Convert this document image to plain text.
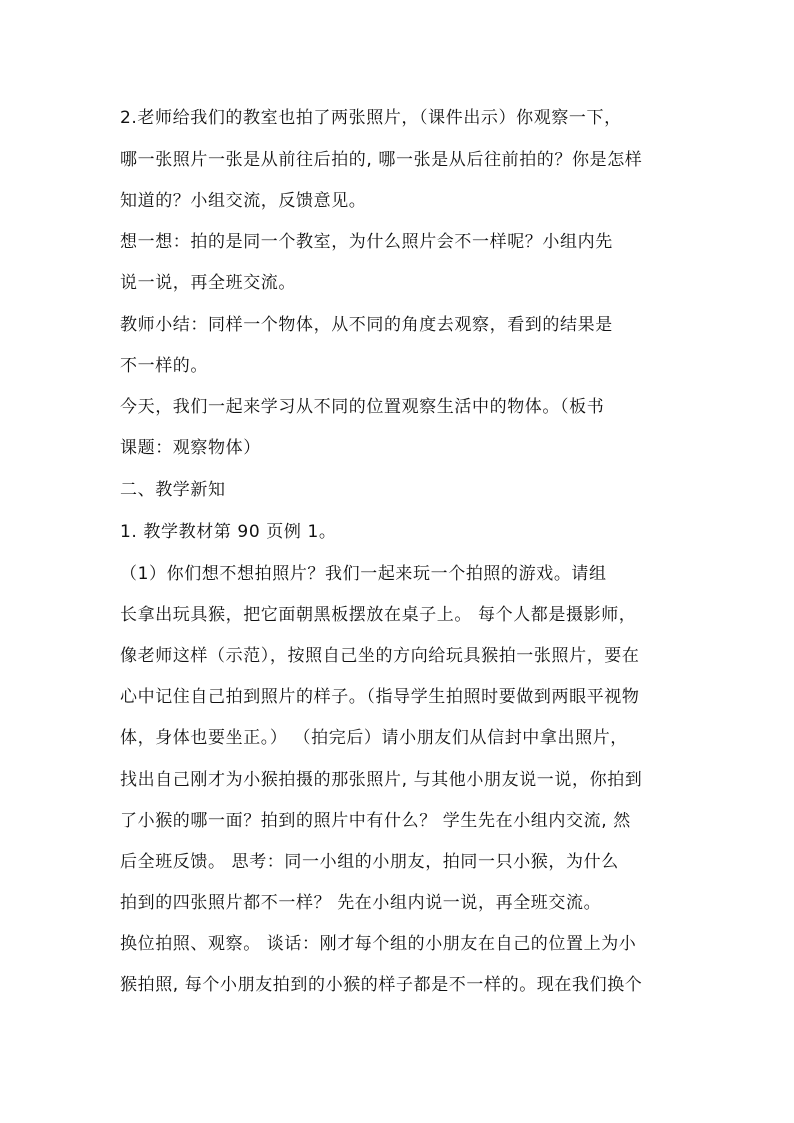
2.老师给我们的教室也拍了两张照片，（课件出示）你观察一下，
哪一张照片一张是从前往后拍的, 哪一张是从后往前拍的？你是怎样
知道的？小组交流，反馈意见。
想一想：拍的是同一个教室，为什么照片会不一样呢？小组内先
说一说，再全班交流。
教师小结：同样一个物体，从不同的角度去观察，看到的结果是
不一样的。
今天，我们一起来学习从不同的位置观察生活中的物体。（板书
课题：观察物体）
二、教学新知
1. 教学教材第 90 页例 1。
（1）你们想不想拍照片？我们一起来玩一个拍照的游戏。请组
长拿出玩具猴，把它面朝黑板摆放在桌子上。 每个人都是摄影师，
像老师这样（示范），按照自己坐的方向给玩具猴拍一张照片，要在
心中记住自己拍到照片的样子。（指导学生拍照时要做到两眼平视物
体，身体也要坐正。） （拍完后）请小朋友们从信封中拿出照片，
找出自己刚才为小猴拍摄的那张照片, 与其他小朋友说一说，你拍到
了小猴的哪一面？拍到的照片中有什么？ 学生先在小组内交流, 然
后全班反馈。 思考：同一小组的小朋友，拍同一只小猴，为什么
拍到的四张照片都不一样？ 先在小组内说一说，再全班交流。
换位拍照、观察。 谈话：刚才每个组的小朋友在自己的位置上为小
猴拍照, 每个小朋友拍到的小猴的样子都是不一样的。现在我们换个
